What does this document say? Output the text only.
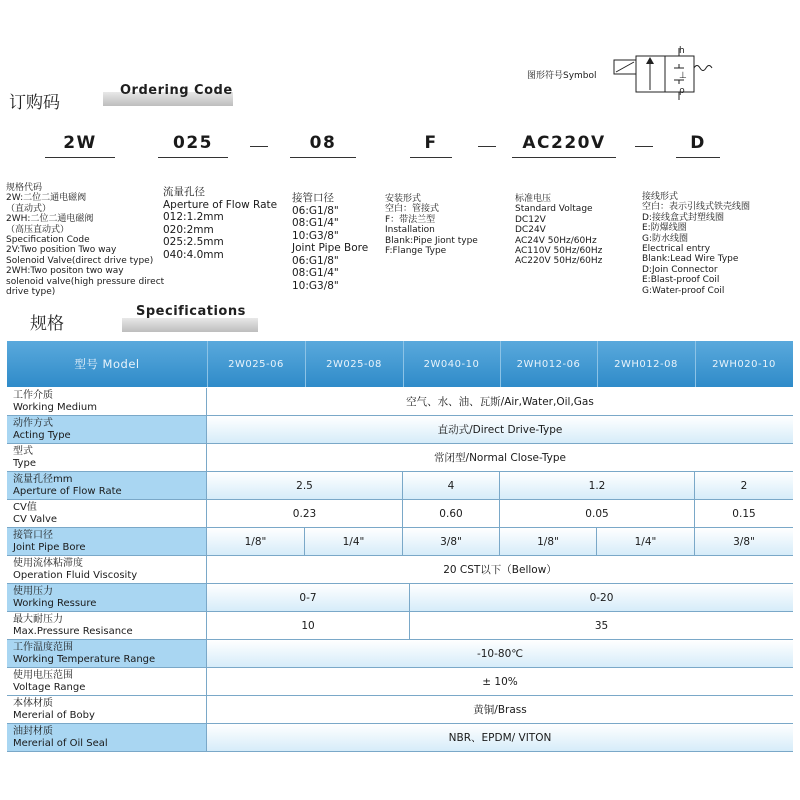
订购码
Ordering Code
图形符号Symbol
h
⊥
ρ
2W	025	08	F	AC220V	D
规格代码
2W:二位二通电磁阀
（直动式）
2WH:二位二通电磁阀
（高压直动式）
Specification Code
2V:Two position Two way
Solenoid Valve(direct drive type)
2WH:Two positon two way
solenoid valve(high pressure direct
drive type)
流量孔径
Aperture of Flow Rate
012:1.2mm
020:2mm
025:2.5mm
040:4.0mm
接管口径
06:G1/8"
08:G1/4"
10:G3/8"
Joint Pipe Bore
06:G1/8"
08:G1/4"
10:G3/8"
安装形式
空白：管接式
F：带法兰型
Installation
Blank:Pipe Jiont type
F:Flange Type
标准电压
Standard Voltage
DC12V
DC24V
AC24V 50Hz/60Hz
AC110V 50Hz/60Hz
AC220V 50Hz/60Hz
接线形式
空白：表示引线式铁壳线圈
D:接线盒式封塑线圈
E:防爆线圈
G:防水线圈
Electrical entry
Blank:Lead Wire Type
D:Join Connector
E:Blast-proof Coil
G:Water-proof Coil
规格
Specifications
型号 Model	2W025-06	2W025-08	2W040-10	2WH012-06	2WH012-08	2WH020-10
工作介质
Working Medium	空气、水、油、瓦斯/Air,Water,Oil,Gas
动作方式
Acting Type	直动式/Direct Drive-Type
型式
Type	常闭型/Normal Close-Type
流量孔径mm
Aperture of Flow Rate	2.5	4	1.2	2
CV值
CV Valve	0.23	0.60	0.05	0.15
接管口径
Joint Pipe Bore	1/8"	1/4"	3/8"	1/8"	1/4"	3/8"
使用流体粘滞度
Operation Fluid Viscosity	20 CST以下（Bellow）
使用压力
Working Ressure	0-7	0-20
最大耐压力
Max.Pressure Resisance	10	35
工作温度范围
Working Temperature Range	-10-80℃
使用电压范围
Voltage Range	± 10%
本体材质
Mererial of Boby	黄铜/Brass
油封材质
Mererial of Oil Seal	NBR、EPDM/ VITON
